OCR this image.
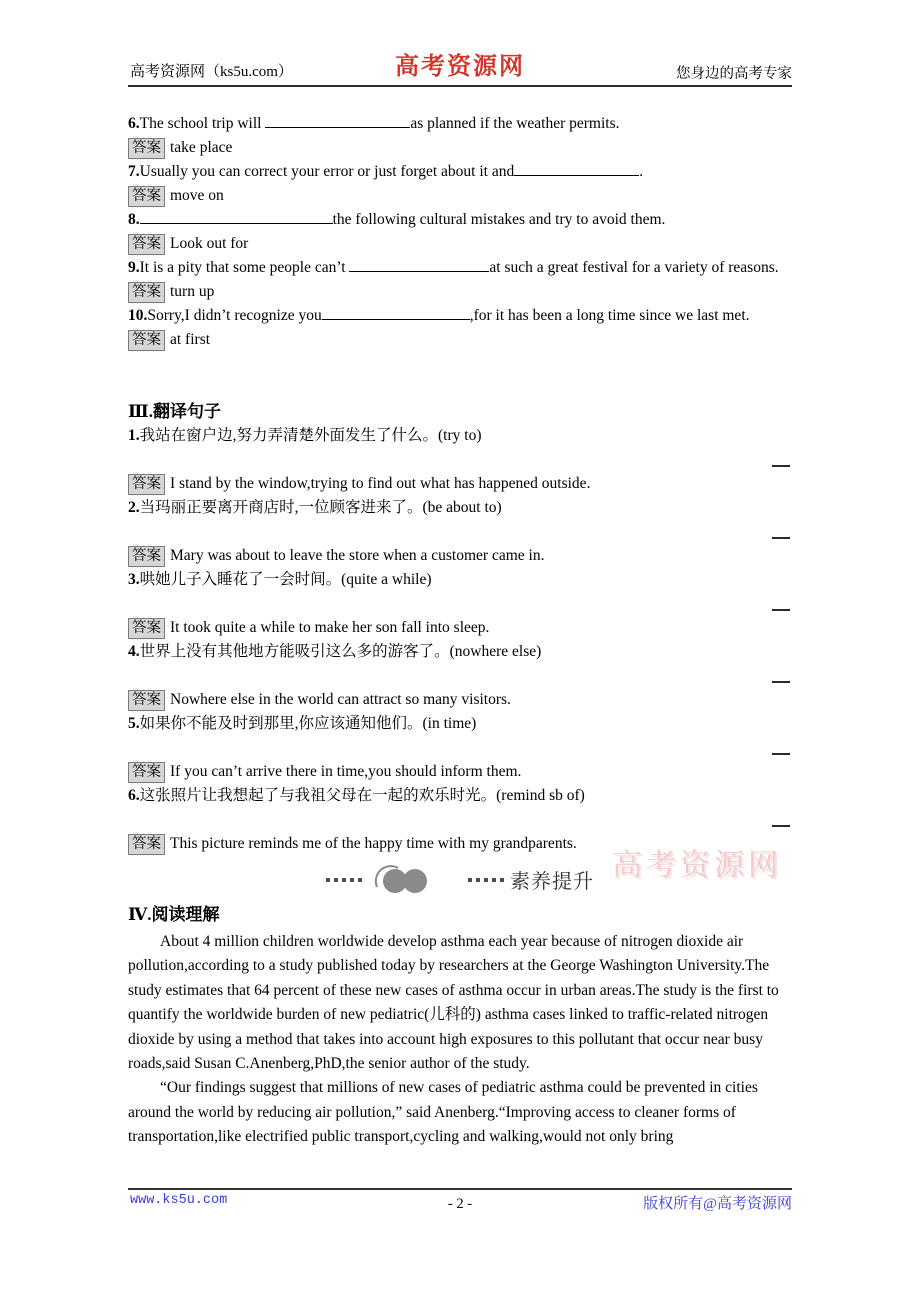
高考资源网（ks5u.com）	高考资源网	您身边的高考专家
6.The school trip will	as planned if the weather permits.
答案 take place
7.Usually you can correct your error or just forget about it and	.
答案 move on
8.	the following cultural mistakes and try to avoid them.
答案 Look out for
9.It is a pity that some people can’t	at such a great festival for a variety of reasons.
答案 turn up
10.Sorry,I didn’t recognize you	,for it has been a long time since we last met.
答案 at first
Ⅲ.翻译句子
1.我站在窗户边,努力弄清楚外面发生了什么。(try to)
答案 I stand by the window,trying to find out what has happened outside.
2.当玛丽正要离开商店时,一位顾客进来了。(be about to)
答案 Mary was about to leave the store when a customer came in.
3.哄她儿子入睡花了一会时间。(quite a while)
答案 It took quite a while to make her son fall into sleep.
4.世界上没有其他地方能吸引这么多的游客了。(nowhere else)
答案 Nowhere else in the world can attract so many visitors.
5.如果你不能及时到那里,你应该通知他们。(in time)
答案 If you can’t arrive there in time,you should inform them.
6.这张照片让我想起了与我祖父母在一起的欢乐时光。(remind sb of)
答案 This picture reminds me of the happy time with my grandparents.
素养提升
Ⅳ.阅读理解

About 4 million children worldwide develop asthma each year because of nitrogen dioxide air pollution,according to a study published today by researchers at the George Washington University.The study estimates that 64 percent of these new cases of asthma occur in urban areas.The study is the first to quantify the worldwide burden of new pediatric(儿科的) asthma cases linked to traffic-related nitrogen dioxide by using a method that takes into account high exposures to this pollutant that occur near busy roads,said Susan C.Anenberg,PhD,the senior author of the study.

“Our findings suggest that millions of new cases of pediatric asthma could be prevented in cities around the world by reducing air pollution,” said Anenberg.“Improving access to cleaner forms of transportation,like electrified public transport,cycling and walking,would not only bring

高考资源网
www.ks5u.com	- 2 -	版权所有@高考资源网
